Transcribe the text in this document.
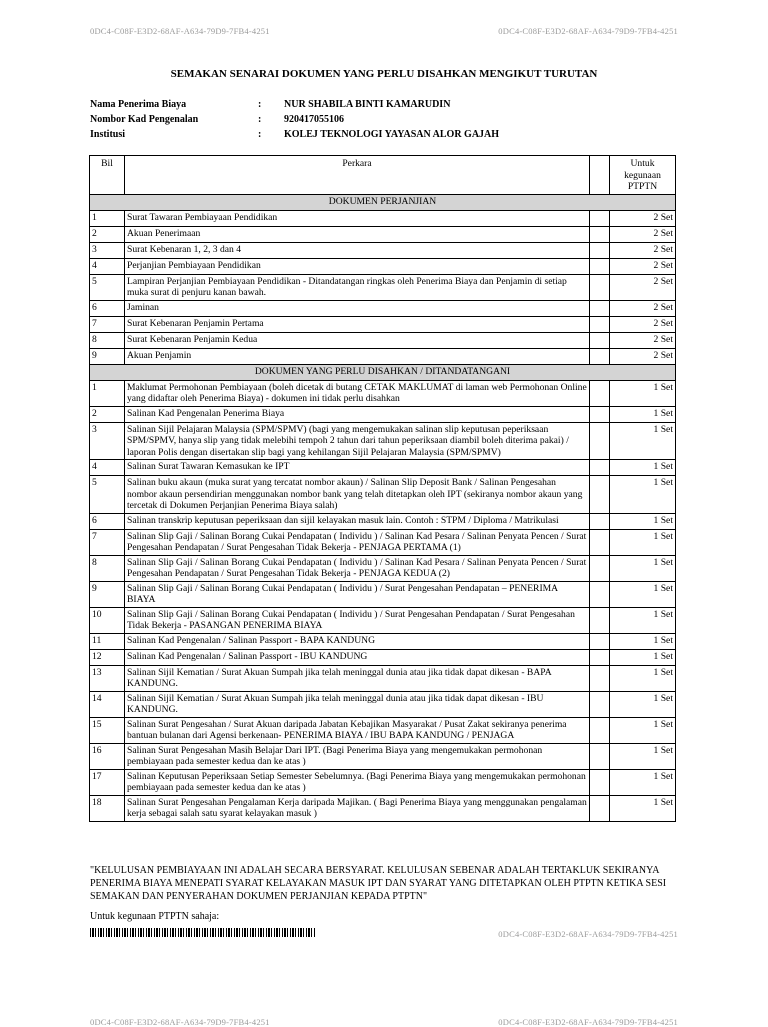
0DC4-C08F-E3D2-68AF-A634-79D9-7FB4-4251	0DC4-C08F-E3D2-68AF-A634-79D9-7FB4-4251
SEMAKAN SENARAI DOKUMEN YANG PERLU DISAHKAN MENGIKUT TURUTAN
Nama Penerima Biaya	:	NUR SHABILA BINTI KAMARUDIN
Nombor Kad Pengenalan	:	920417055106
Institusi	:	KOLEJ TEKNOLOGI YAYASAN ALOR GAJAH
Bil	Perkara		Untuk kegunaan PTPTN
DOKUMEN PERJANJIAN			
1	Surat Tawaran Pembiayaan Pendidikan		2 Set
2	Akuan Penerimaan		2 Set
3	Surat Kebenaran 1, 2, 3 dan 4		2 Set
4	Perjanjian Pembiayaan Pendidikan		2 Set
5	Lampiran Perjanjian Pembiayaan Pendidikan - Ditandatangan ringkas oleh Penerima Biaya dan Penjamin di setiap muka surat di penjuru kanan bawah.		2 Set
6	Jaminan		2 Set
7	Surat Kebenaran Penjamin Pertama		2 Set
8	Surat Kebenaran Penjamin Kedua		2 Set
9	Akuan Penjamin		2 Set
DOKUMEN YANG PERLU DISAHKAN / DITANDATANGANI			
1	Maklumat Permohonan Pembiayaan (boleh dicetak di butang CETAK MAKLUMAT di laman web Permohonan Online yang didaftar oleh Penerima Biaya) - dokumen ini tidak perlu disahkan		1 Set
2	Salinan Kad Pengenalan Penerima Biaya		1 Set
3	Salinan Sijil Pelajaran Malaysia (SPM/SPMV) (bagi yang mengemukakan salinan slip keputusan peperiksaan SPM/SPMV, hanya slip yang tidak melebihi tempoh 2 tahun dari tahun peperiksaan diambil boleh diterima pakai) / laporan Polis dengan disertakan slip bagi yang kehilangan Sijil Pelajaran Malaysia (SPM/SPMV)		1 Set
4	Salinan Surat Tawaran Kemasukan ke IPT		1 Set
5	Salinan buku akaun (muka surat yang tercatat nombor akaun) / Salinan Slip Deposit Bank / Salinan Pengesahan nombor akaun persendirian menggunakan nombor bank yang telah ditetapkan oleh IPT (sekiranya nombor akaun yang tercetak di Dokumen Perjanjian Penerima Biaya salah)		1 Set
6	Salinan transkrip keputusan peperiksaan dan sijil kelayakan masuk lain. Contoh : STPM / Diploma / Matrikulasi		1 Set
7	Salinan Slip Gaji / Salinan Borang Cukai Pendapatan ( Individu ) / Salinan Kad Pesara / Salinan Penyata Pencen / Surat Pengesahan Pendapatan / Surat Pengesahan Tidak Bekerja - PENJAGA PERTAMA (1)		1 Set
8	Salinan Slip Gaji / Salinan Borang Cukai Pendapatan ( Individu ) / Salinan Kad Pesara / Salinan Penyata Pencen / Surat Pengesahan Pendapatan / Surat Pengesahan Tidak Bekerja - PENJAGA KEDUA (2)		1 Set
9	Salinan Slip Gaji / Salinan Borang Cukai Pendapatan ( Individu ) / Surat Pengesahan Pendapatan – PENERIMA BIAYA		1 Set
10	Salinan Slip Gaji / Salinan Borang Cukai Pendapatan ( Individu ) / Surat Pengesahan Pendapatan / Surat Pengesahan Tidak Bekerja - PASANGAN PENERIMA BIAYA		1 Set
11	Salinan Kad Pengenalan / Salinan Passport - BAPA KANDUNG		1 Set
12	Salinan Kad Pengenalan / Salinan Passport - IBU KANDUNG		1 Set
13	Salinan Sijil Kematian / Surat Akuan Sumpah jika telah meninggal dunia atau jika tidak dapat dikesan - BAPA KANDUNG.		1 Set
14	Salinan Sijil Kematian / Surat Akuan Sumpah jika telah meninggal dunia atau jika tidak dapat dikesan - IBU KANDUNG.		1 Set
15	Salinan Surat Pengesahan / Surat Akuan daripada Jabatan Kebajikan Masyarakat / Pusat Zakat sekiranya penerima bantuan bulanan dari Agensi berkenaan- PENERIMA BIAYA / IBU BAPA KANDUNG / PENJAGA		1 Set
16	Salinan Surat Pengesahan Masih Belajar Dari IPT. (Bagi Penerima Biaya yang mengemukakan permohonan pembiayaan pada semester kedua dan ke atas )		1 Set
17	Salinan Keputusan Peperiksaan Setiap Semester Sebelumnya. (Bagi Penerima Biaya yang mengemukakan permohonan pembiayaan pada semester kedua dan ke atas )		1 Set
18	Salinan Surat Pengesahan Pengalaman Kerja daripada Majikan. ( Bagi Penerima Biaya yang menggunakan pengalaman kerja sebagai salah satu syarat kelayakan masuk )		1 Set
"KELULUSAN PEMBIAYAAN INI ADALAH SECARA BERSYARAT. KELULUSAN SEBENAR ADALAH TERTAKLUK SEKIRANYA PENERIMA BIAYA MENEPATI SYARAT KELAYAKAN MASUK IPT DAN SYARAT YANG DITETAPKAN OLEH PTPTN KETIKA SESI SEMAKAN DAN PENYERAHAN DOKUMEN PERJANJIAN KEPADA PTPTN"
Untuk kegunaan PTPTN sahaja:
0DC4-C08F-E3D2-68AF-A634-79D9-7FB4-4251
0DC4-C08F-E3D2-68AF-A634-79D9-7FB4-4251	0DC4-C08F-E3D2-68AF-A634-79D9-7FB4-4251
